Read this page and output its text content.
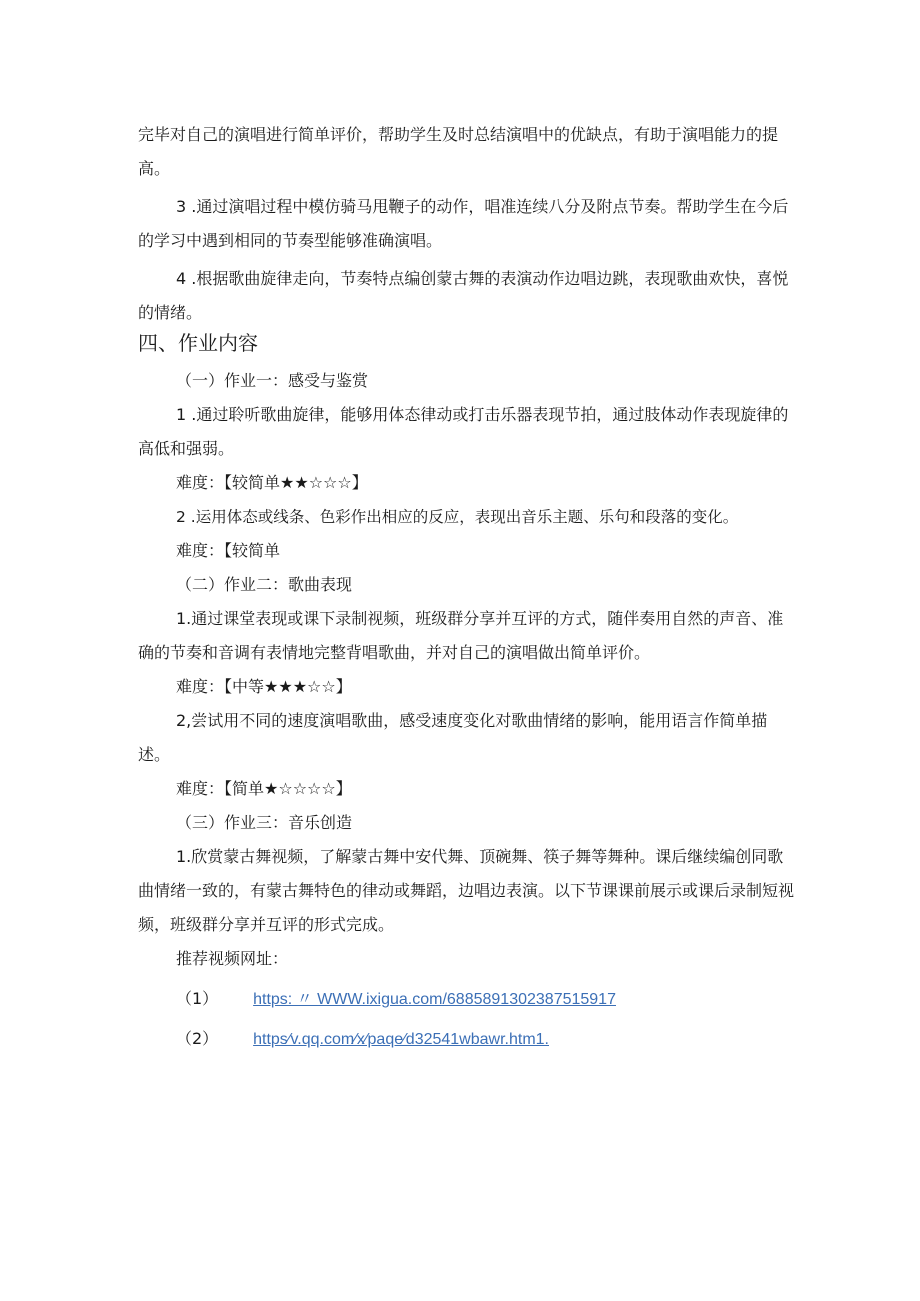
完毕对自己的演唱进行简单评价，帮助学生及时总结演唱中的优缺点，有助于演唱能力的提高。

3 .通过演唱过程中模仿骑马甩鞭子的动作，唱准连续八分及附点节奏。帮助学生在今后的学习中遇到相同的节奏型能够准确演唱。

4 .根据歌曲旋律走向，节奏特点编创蒙古舞的表演动作边唱边跳，表现歌曲欢快，喜悦的情绪。

四、作业内容

（一）作业一：感受与鉴赏

1 .通过聆听歌曲旋律，能够用体态律动或打击乐器表现节拍，通过肢体动作表现旋律的高低和强弱。

难度：【较简单★★☆☆☆】

2 .运用体态或线条、色彩作出相应的反应，表现出音乐主题、乐句和段落的变化。

难度：【较简单

（二）作业二：歌曲表现

1.通过课堂表现或课下录制视频，班级群分享并互评的方式，随伴奏用自然的声音、准确的节奏和音调有表情地完整背唱歌曲，并对自己的演唱做出简单评价。

难度：【中等★★★☆☆】

2,尝试用不同的速度演唱歌曲，感受速度变化对歌曲情绪的影响，能用语言作简单描述。

难度：【简单★☆☆☆☆】

（三）作业三：音乐创造

1.欣赏蒙古舞视频，了解蒙古舞中安代舞、顶碗舞、筷子舞等舞种。课后继续编创同歌曲情绪一致的，有蒙古舞特色的律动或舞蹈，边唱边表演。以下节课课前展示或课后录制短视频，班级群分享并互评的形式完成。

推荐视频网址：

（1） https: 〃 WWW.ixigua.com/6885891302387515917
（2） https∕v.qq.com∕x∕paqe∕d32541wbawr.htm1.
